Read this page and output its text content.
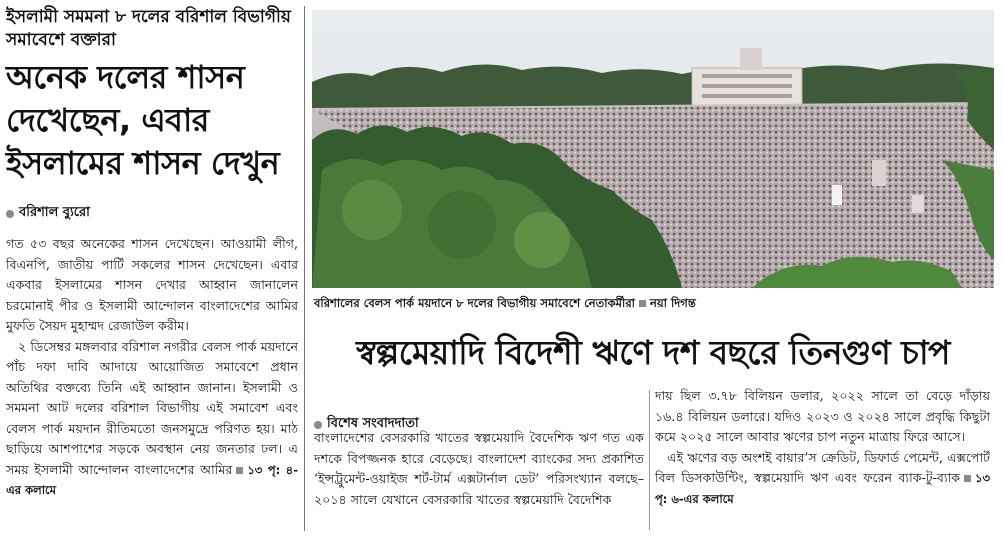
ইসলামী সমমনা ৮ দলের বরিশাল বিভাগীয় সমাবেশে বক্তারা

অনেক দলের শাসন দেখেছেন, এবার ইসলামের শাসন দেখুন
বরিশাল ব্যুরো

গত ৫৩ বছর অনেকের শাসন দেখেছেন। আওয়ামী লীগ, বিএনপি, জাতীয় পার্টি সকলের শাসন দেখেছেন। এবার একবার ইসলামের শাসন দেখার আহ্বান জানালেন চরমোনাই পীর ও ইসলামী আন্দোলন বাংলাদেশের আমির মুফতি সৈয়দ মুহাম্মদ রেজাউল করীম।

২ ডিসেম্বর মঙ্গলবার বরিশাল নগরীর বেলস পার্ক ময়দানে পাঁচ দফা দাবি আদায়ে আয়োজিত সমাবেশে প্রধান অতিথির বক্তব্যে তিনি এই আহ্বান জানান। ইসলামী ও সমমনা আট দলের বরিশাল বিভাগীয় এই সমাবেশ এবং বেলস পার্ক ময়দান রীতিমতো জনসমুদ্রে পরিণত হয়। মাঠ ছাড়িয়ে আশপাশের সড়কে অবস্থান নেয় জনতার ঢল। এ সময় ইসলামী আন্দোলন বাংলাদেশের আমির ১৩ পৃ: ৪-এর কলামে

বরিশালের বেলস পার্ক ময়দানে ৮ দলের বিভাগীয় সমাবেশে নেতাকর্মীরা নয়া দিগন্ত
স্বল্পমেয়াদি বিদেশী ঋণে দশ বছরে তিনগুণ চাপ
বিশেষ সংবাদদাতা

বাংলাদেশের বেসরকারি খাতের স্বল্পমেয়াদি বৈদেশিক ঋণ গত এক দশকে বিপজ্জনক হারে বেড়েছে। বাংলাদেশ ব্যাংকের সদ্য প্রকাশিত ‘ইন্সট্রুমেন্ট-ওয়াইজ শর্ট-টার্ম এক্সটার্নাল ডেট’ পরিসংখ্যান বলছে– ২০১৪ সালে যেখানে বেসরকারি খাতের স্বল্পমেয়াদি বৈদেশিক

দায় ছিল ৩.৭৮ বিলিয়ন ডলার, ২০২২ সালে তা বেড়ে দাঁড়ায় ১৬.৪ বিলিয়ন ডলারে। যদিও ২০২৩ ও ২০২৪ সালে প্রবৃদ্ধি কিছুটা কমে ২০২৫ সালে আবার ঋণের চাপ নতুন মাত্রায় ফিরে আসে।

এই ঋণের বড় অংশই বায়ার’স ক্রেডিট, ডিফার্ড পেমেন্ট, এক্সপোর্ট বিল ডিসকাউন্টিং, স্বল্পমেয়াদি ঋণ এবং ফরেন ব্যাক-টু-ব্যাক ১৩ পৃ: ৬-এর কলামে
